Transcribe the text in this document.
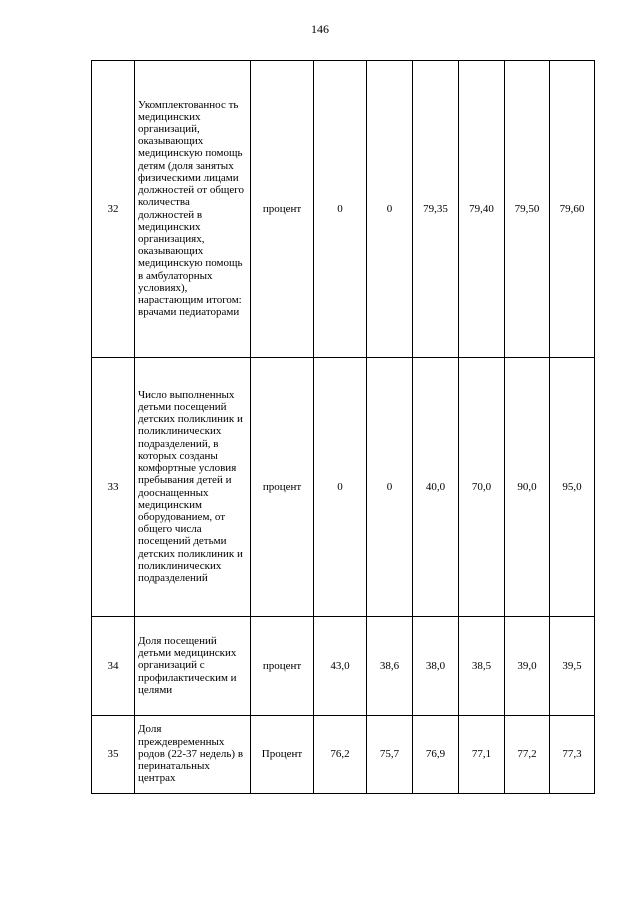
146
32	Укомплектованнос ть медицинских организаций, оказывающих медицинскую помощь детям (доля занятых физическими лицами должностей от общего количества должностей в медицинских организациях, оказывающих медицинскую помощь в амбулаторных условиях), нарастающим итогом: врачами педиаторами	процент	0	0	79,35	79,40	79,50	79,60
33	Число выполненных детьми посещений детских поликлиник и поликлинических подразделений, в которых созданы комфортные условия пребывания детей и дооснащенных медицинским оборудованием, от общего числа посещений детьми детских поликлиник и поликлинических подразделений	процент	0	0	40,0	70,0	90,0	95,0
34	Доля посещений детьми медицинских организаций с профилактическим и целями	процент	43,0	38,6	38,0	38,5	39,0	39,5
35	Доля преждевременных родов (22-37 недель) в перинатальных центрах	Процент	76,2	75,7	76,9	77,1	77,2	77,3
